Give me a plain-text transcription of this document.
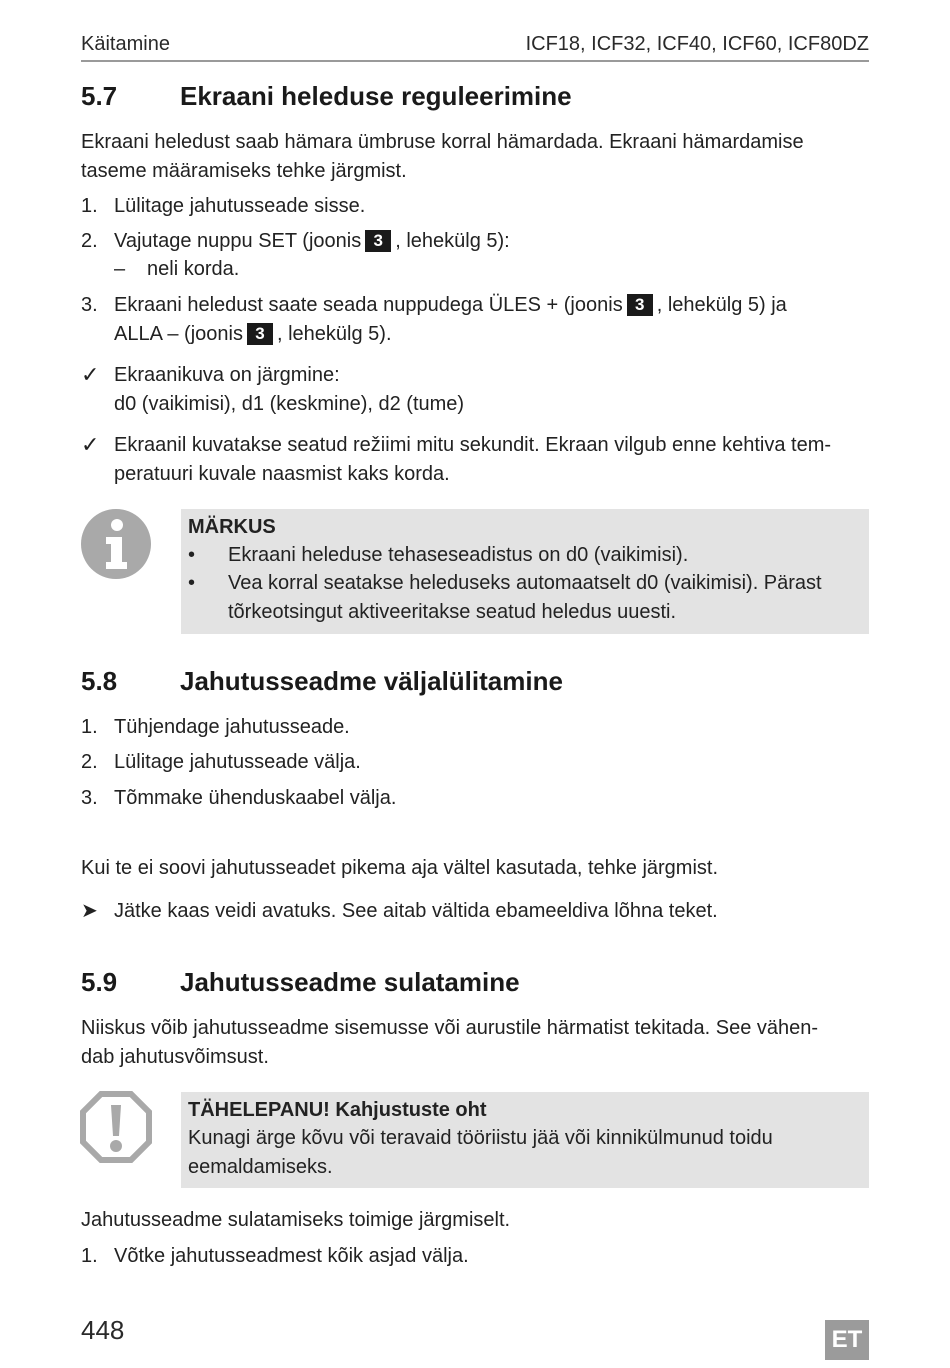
Käitamine	ICF18, ICF32, ICF40, ICF60, ICF80DZ
5.7 Ekraani heleduse reguleerimine
Ekraani heledust saab hämara ümbruse korral hämardada. Ekraani hämardamise
taseme määramiseks tehke järgmist.
1. Lülitage jahutusseade sisse.
2. Vajutage nuppu SET (joonis 3 , lehekülg 5):
– neli korda.
3. Ekraani heledust saate seada nuppudega ÜLES + (joonis 3 , lehekülg 5) ja
ALLA – (joonis 3 , lehekülg 5).
✓ Ekraanikuva on järgmine:
d0 (vaikimisi), d1 (keskmine), d2 (tume)
✓ Ekraanil kuvatakse seatud režiimi mitu sekundit. Ekraan vilgub enne kehtiva tem-
peratuuri kuvale naasmist kaks korda.
MÄRKUS
• Ekraani heleduse tehaseseadistus on d0 (vaikimisi).
• Vea korral seatakse heleduseks automaatselt d0 (vaikimisi). Pärast
tõrkeotsingut aktiveeritakse seatud heledus uuesti.
5.8 Jahutusseadme väljalülitamine
1. Tühjendage jahutusseade.
2. Lülitage jahutusseade välja.
3. Tõmmake ühenduskaabel välja.
Kui te ei soovi jahutusseadet pikema aja vältel kasutada, tehke järgmist.
➤ Jätke kaas veidi avatuks. See aitab vältida ebameeldiva lõhna teket.
5.9 Jahutusseadme sulatamine
Niiskus võib jahutusseadme sisemusse või aurustile härmatist tekitada. See vähen-
dab jahutusvõimsust.
TÄHELEPANU! Kahjustuste oht
Kunagi ärge kõvu või teravaid tööriistu jää või kinnikülmunud toidu
eemaldamiseks.
Jahutusseadme sulatamiseks toimige järgmiselt.
1. Võtke jahutusseadmest kõik asjad välja.
448	ET
